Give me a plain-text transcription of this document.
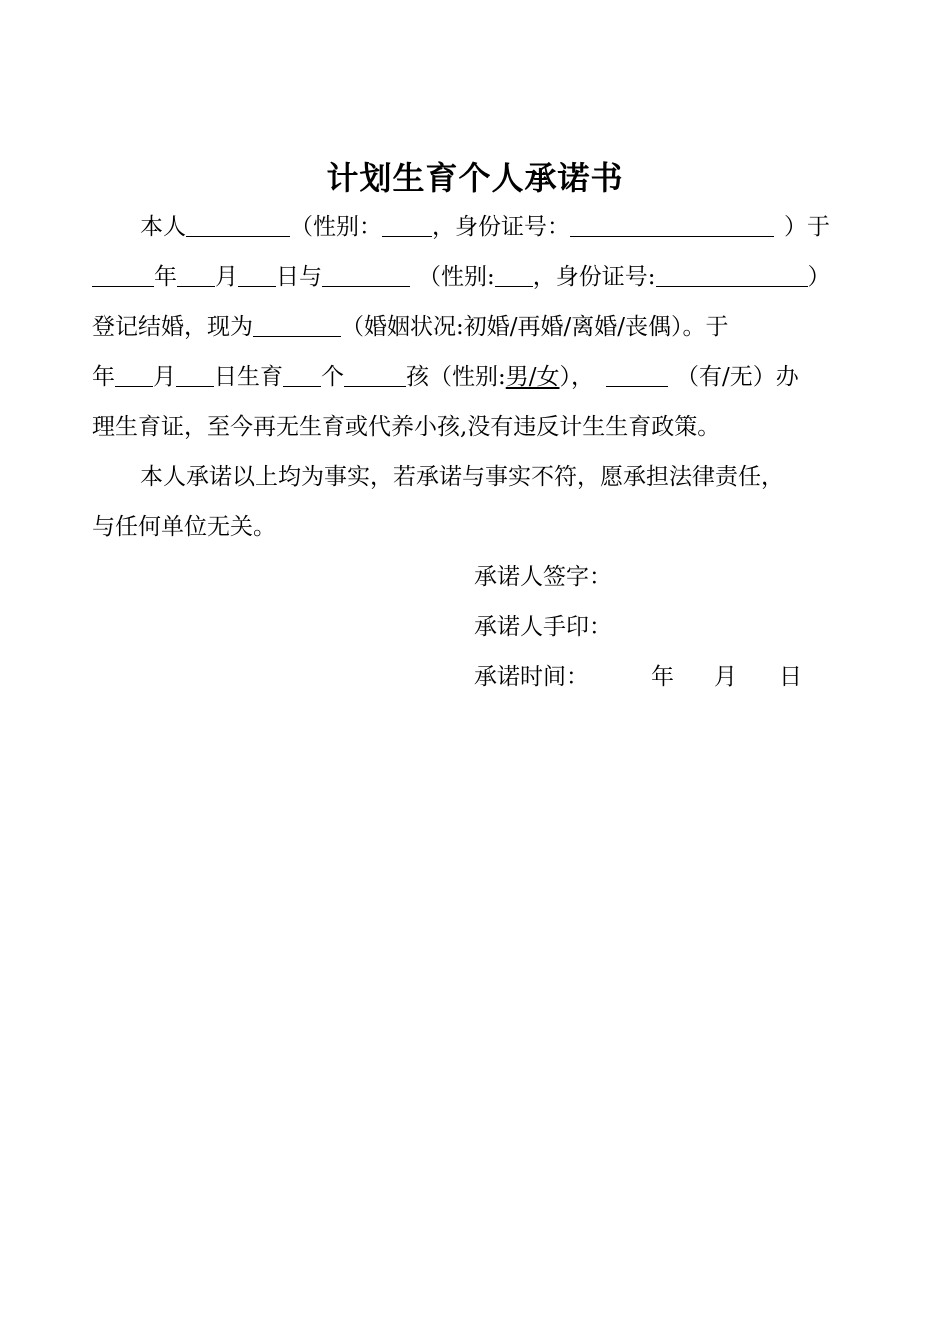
计划生育个人承诺书
本人	（性别： ，身份证号：	）于
年 月 日与	（性别: ，身份证号:	）
登记结婚，现为	（婚姻状况:初婚/再婚/离婚/丧偶）。于
年 月 日生育 个	孩（性别:男/女），	（有/无）办
理生育证，至今再无生育或代养小孩,没有违反计生生育政策。
本人承诺以上均为事实，若承诺与事实不符，愿承担法律责任，
与任何单位无关。
承诺人签字：
承诺人手印：
承诺时间：	年 月 日
